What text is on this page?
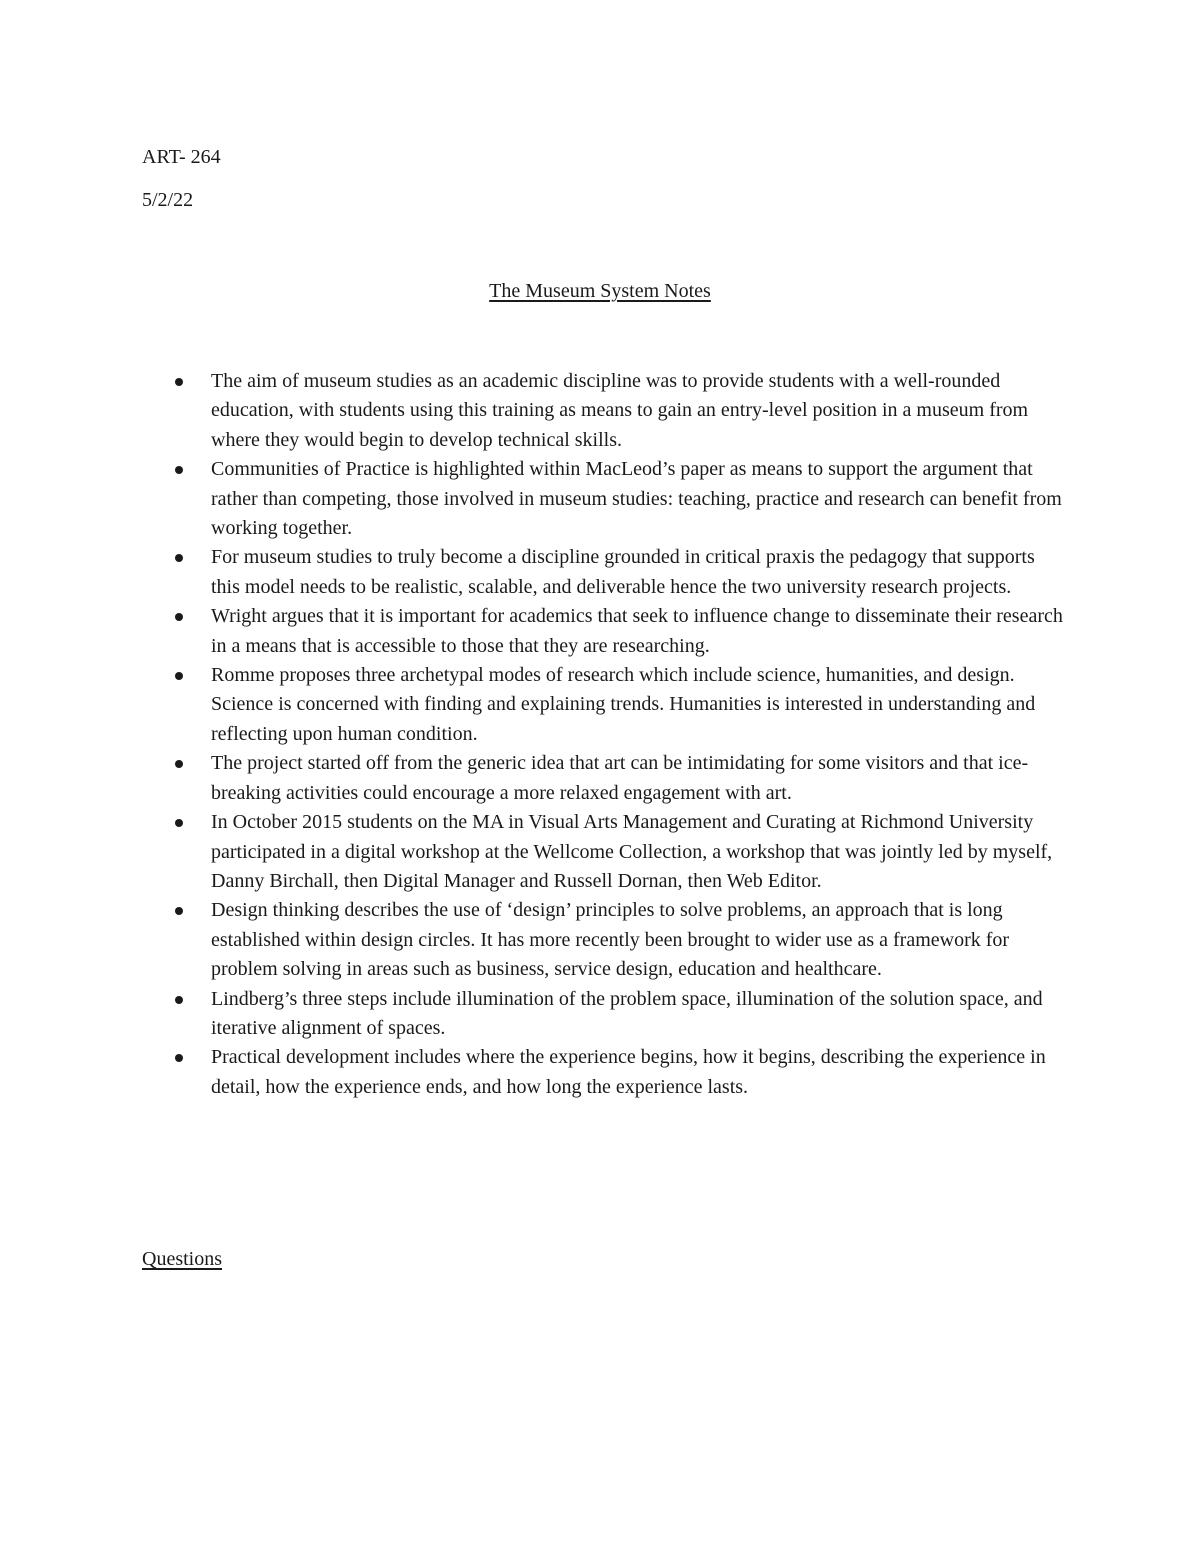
ART- 264

5/2/22

The Museum System Notes

The aim of museum studies as an academic discipline was to provide students with a well-rounded education, with students using this training as means to gain an entry-level position in a museum from where they would begin to develop technical skills.
Communities of Practice is highlighted within MacLeod’s paper as means to support the argument that rather than competing, those involved in museum studies: teaching, practice and research can benefit from working together.
For museum studies to truly become a discipline grounded in critical praxis the pedagogy that supports this model needs to be realistic, scalable, and deliverable hence the two university research projects.
Wright argues that it is important for academics that seek to influence change to disseminate their research in a means that is accessible to those that they are researching.
Romme proposes three archetypal modes of research which include science, humanities, and design. Science is concerned with finding and explaining trends. Humanities is interested in understanding and reflecting upon human condition.
The project started off from the generic idea that art can be intimidating for some visitors and that ice-breaking activities could encourage a more relaxed engagement with art.
In October 2015 students on the MA in Visual Arts Management and Curating at Richmond University participated in a digital workshop at the Wellcome Collection, a workshop that was jointly led by myself, Danny Birchall, then Digital Manager and Russell Dornan, then Web Editor.
Design thinking describes the use of ‘design’ principles to solve problems, an approach that is long established within design circles. It has more recently been brought to wider use as a framework for problem solving in areas such as business, service design, education and healthcare.
Lindberg’s three steps include illumination of the problem space, illumination of the solution space, and iterative alignment of spaces.
Practical development includes where the experience begins, how it begins, describing the experience in detail, how the experience ends, and how long the experience lasts.

Questions
